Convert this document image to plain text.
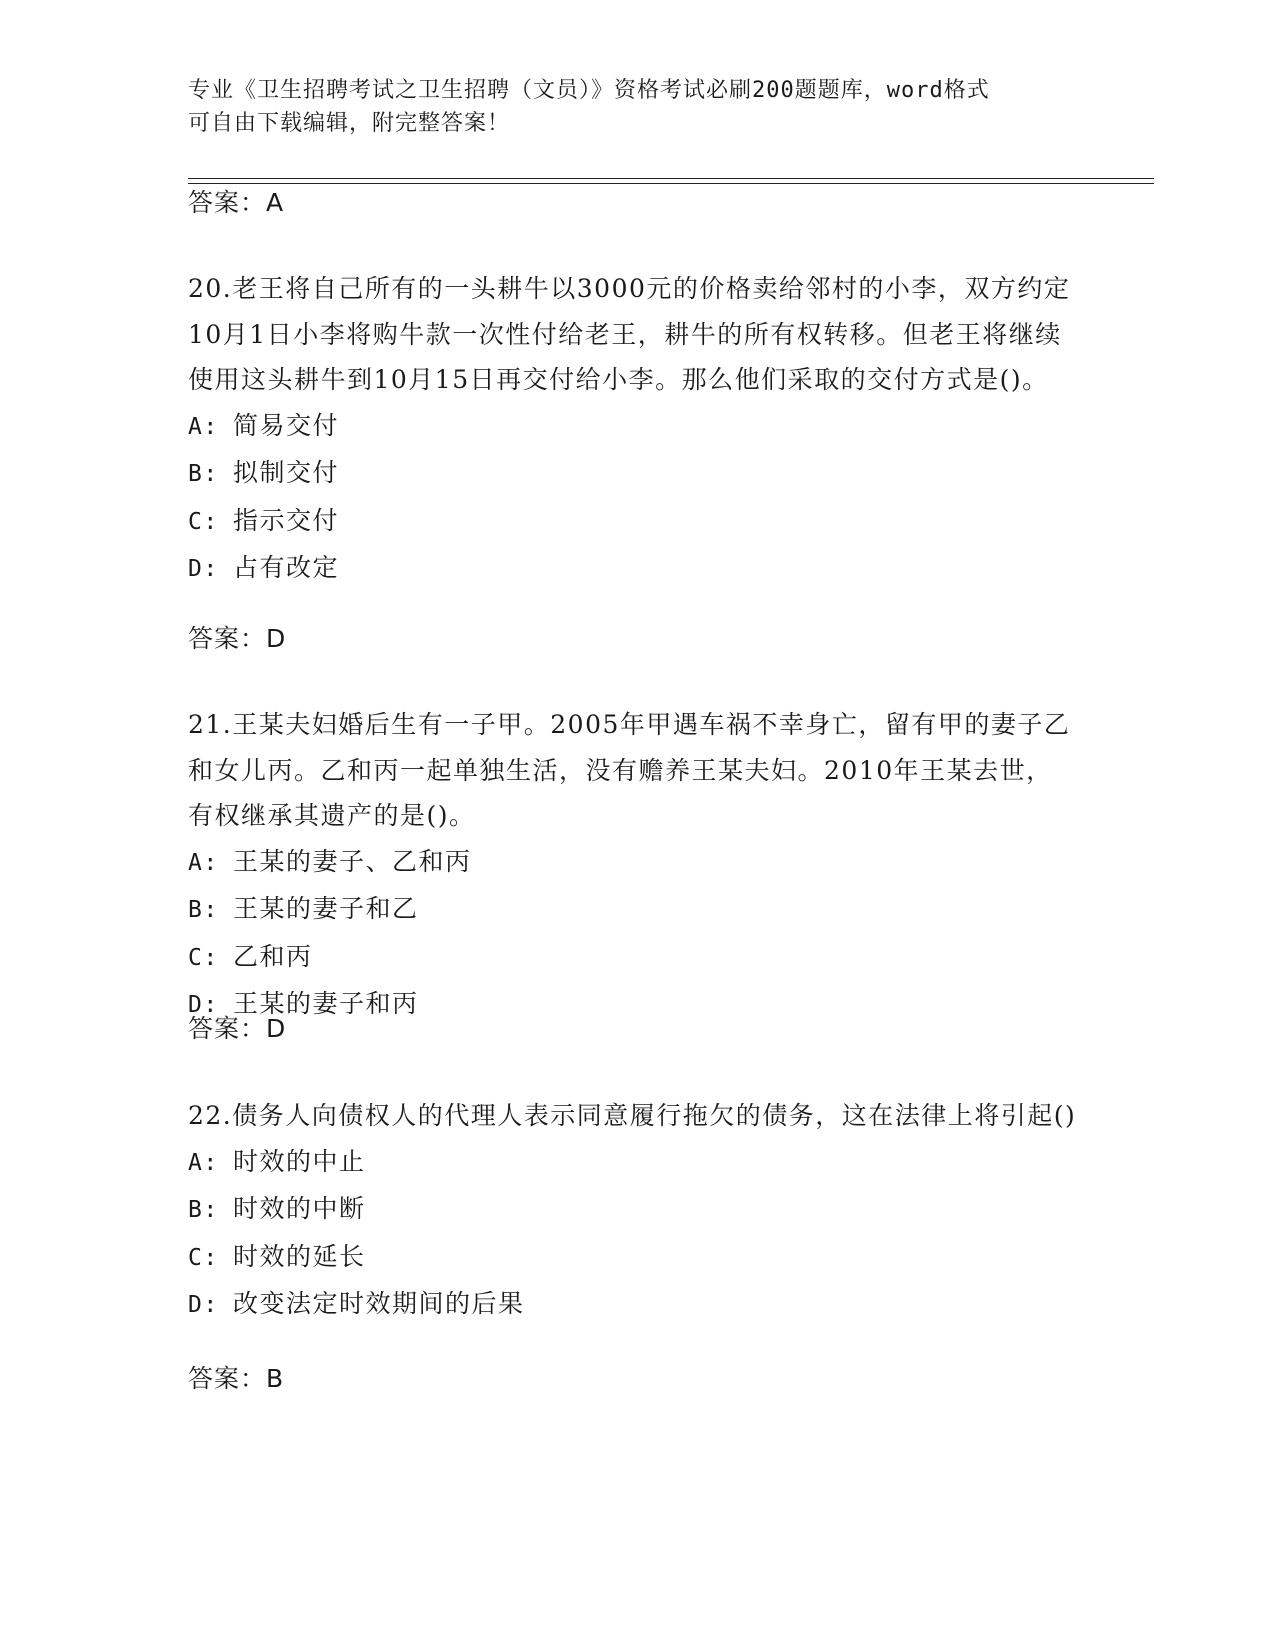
专业《卫生招聘考试之卫生招聘（文员）》资格考试必刷200题题库，word格式
可自由下载编辑，附完整答案！
答案：A
20.老王将自己所有的一头耕牛以3000元的价格卖给邻村的小李，双方约定10月1日小李将购牛款一次性付给老王，耕牛的所有权转移。但老王将继续使用这头耕牛到10月15日再交付给小李。那么他们采取的交付方式是()。
A: 简易交付
B: 拟制交付
C: 指示交付
D: 占有改定
答案：D
21.王某夫妇婚后生有一子甲。2005年甲遇车祸不幸身亡，留有甲的妻子乙和女儿丙。乙和丙一起单独生活，没有赡养王某夫妇。2010年王某去世，有权继承其遗产的是()。
A: 王某的妻子、乙和丙
B: 王某的妻子和乙
C: 乙和丙
D: 王某的妻子和丙
答案：D
22.债务人向债权人的代理人表示同意履行拖欠的债务，这在法律上将引起()
A: 时效的中止
B: 时效的中断
C: 时效的延长
D: 改变法定时效期间的后果
答案：B
